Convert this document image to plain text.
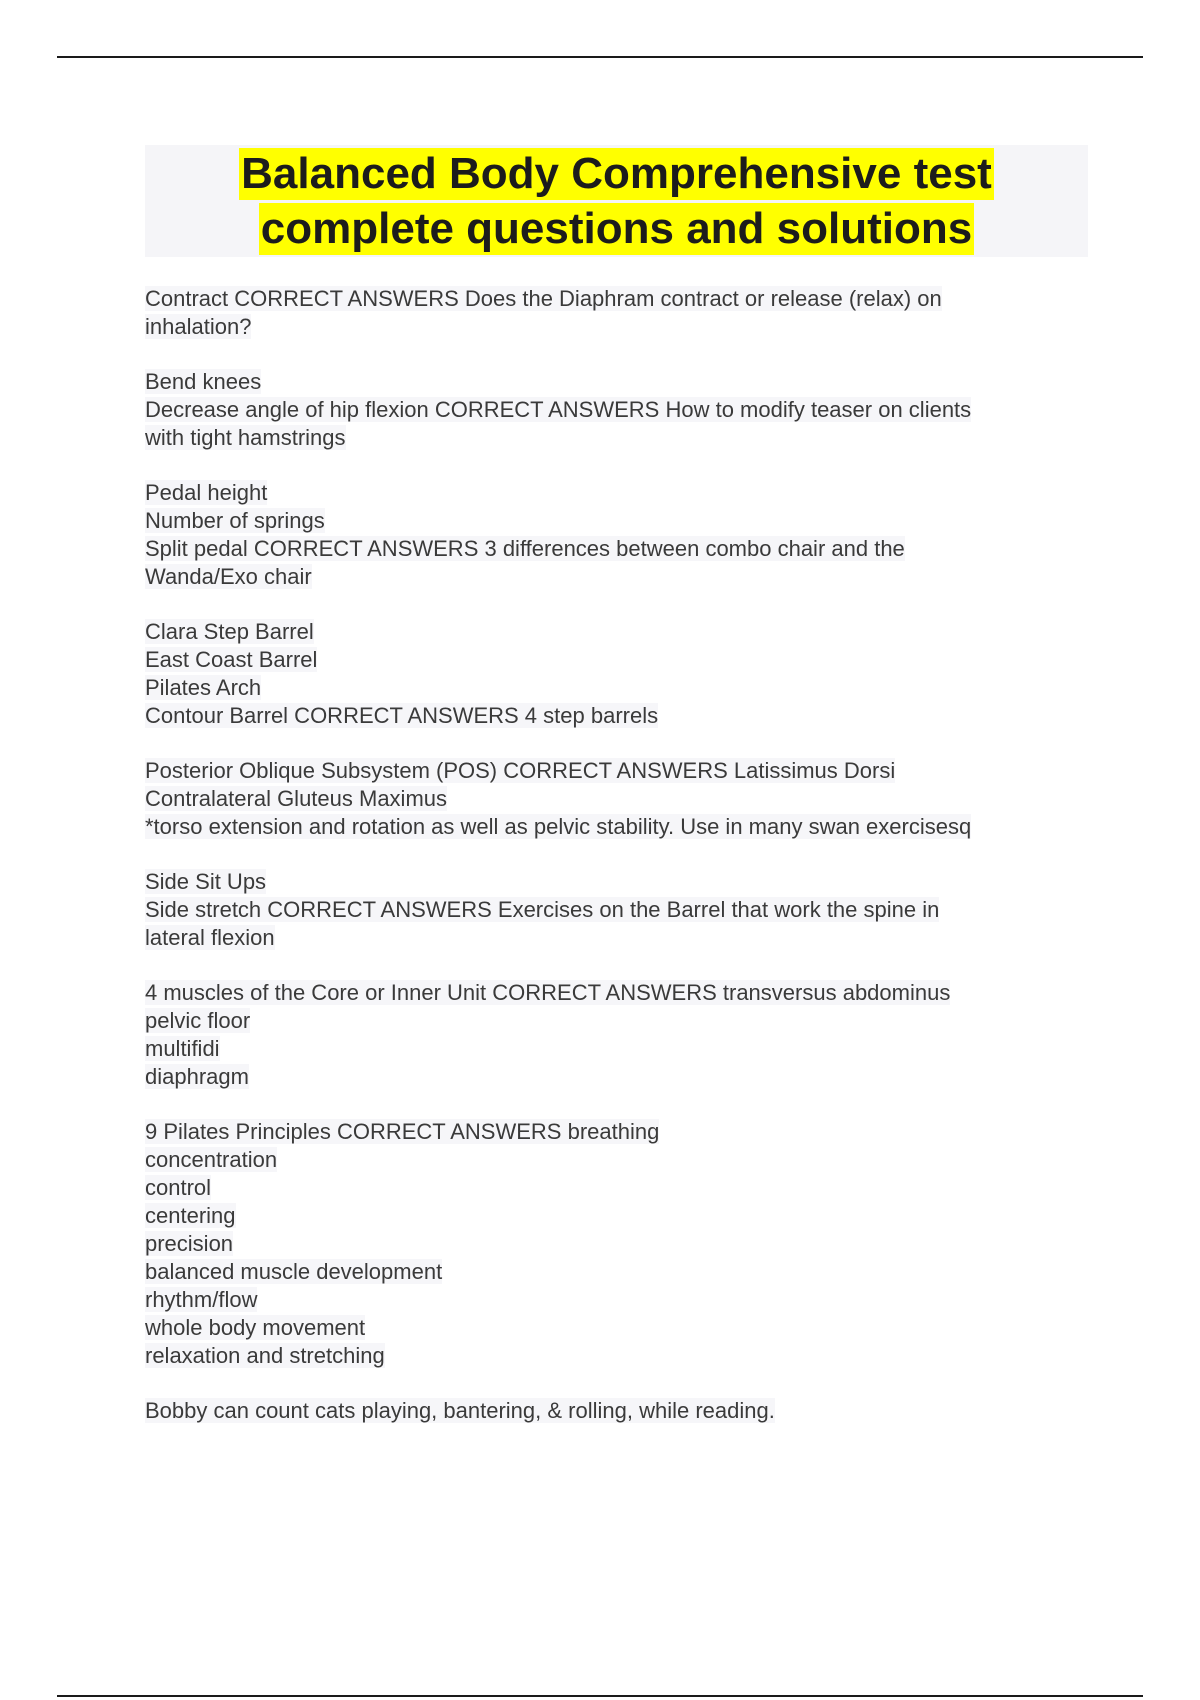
Balanced Body Comprehensive test
complete questions and solutions
Contract CORRECT ANSWERS Does the Diaphram contract or release (relax) on
inhalation?
Bend knees
Decrease angle of hip flexion CORRECT ANSWERS How to modify teaser on clients
with tight hamstrings
Pedal height
Number of springs
Split pedal CORRECT ANSWERS 3 differences between combo chair and the
Wanda/Exo chair
Clara Step Barrel
East Coast Barrel
Pilates Arch
Contour Barrel CORRECT ANSWERS 4 step barrels
Posterior Oblique Subsystem (POS) CORRECT ANSWERS Latissimus Dorsi
Contralateral Gluteus Maximus
*torso extension and rotation as well as pelvic stability. Use in many swan exercisesq
Side Sit Ups
Side stretch CORRECT ANSWERS Exercises on the Barrel that work the spine in
lateral flexion
4 muscles of the Core or Inner Unit CORRECT ANSWERS transversus abdominus
pelvic floor
multifidi
diaphragm
9 Pilates Principles CORRECT ANSWERS breathing
concentration
control
centering
precision
balanced muscle development
rhythm/flow
whole body movement
relaxation and stretching
Bobby can count cats playing, bantering, & rolling, while reading.
